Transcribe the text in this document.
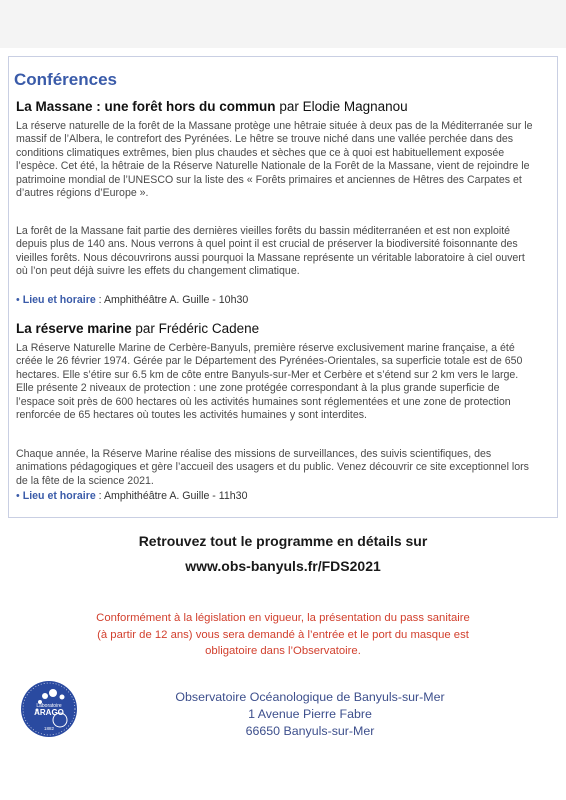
Conférences
La Massane : une forêt hors du commun par Elodie Magnanou

La réserve naturelle de la forêt de la Massane protège une hêtraie située à deux pas de la Méditerranée sur le massif de l’Albera, le contrefort des Pyrénées. Le hêtre se trouve niché dans une vallée perchée dans des conditions climatiques extrêmes, bien plus chaudes et sèches que ce à quoi est habituellement exposée l’espèce. Cet été, la hêtraie de la Réserve Naturelle Nationale de la Forêt de la Massane, vient de rejoindre le patrimoine mondial de l’UNESCO sur la liste des « Forêts primaires et anciennes de Hêtres des Carpates et d’autres régions d’Europe ».

La forêt de la Massane fait partie des dernières vieilles forêts du bassin méditerranéen et est non exploité depuis plus de 140 ans. Nous verrons à quel point il est crucial de préserver la biodiversité foisonnante des vieilles forêts. Nous découvrirons aussi pourquoi la Massane représente un véritable laboratoire à ciel ouvert où l’on peut déjà suivre les effets du changement climatique.

• Lieu et horaire : Amphithéâtre A. Guille - 10h30
La réserve marine par Frédéric Cadene

La Réserve Naturelle Marine de Cerbère-Banyuls, première réserve exclusivement marine française, a été créée le 26 février 1974. Gérée par le Département des Pyrénées-Orientales, sa superficie totale est de 650 hectares. Elle s’étire sur 6.5 km de côte entre Banyuls-sur-Mer et Cerbère et s’étend sur 2 km vers le large. Elle présente 2 niveaux de protection : une zone protégée correspondant à la plus grande superficie de l’espace soit près de 600 hectares où les activités humaines sont réglementées et une zone de protection renforcée de 65 hectares où toutes les activités humaines y sont interdites.

Chaque année, la Réserve Marine réalise des missions de surveillances, des suivis scientifiques, des animations pédagogiques et gère l’accueil des usagers et du public. Venez découvrir ce site exceptionnel lors de la fête de la science 2021.

• Lieu et horaire : Amphithéâtre A. Guille - 11h30
Retrouvez tout le programme en détails sur
www.obs-banyuls.fr/FDS2021
Conformément à la législation en vigueur, la présentation du pass sanitaire
(à partir de 12 ans) vous sera demandé à l’entrée et le port du masque est
obligatoire dans l’Observatoire.
Laboratoire
ARAGO
1882
Observatoire Océanologique de Banyuls-sur-Mer
1 Avenue Pierre Fabre
66650 Banyuls-sur-Mer
